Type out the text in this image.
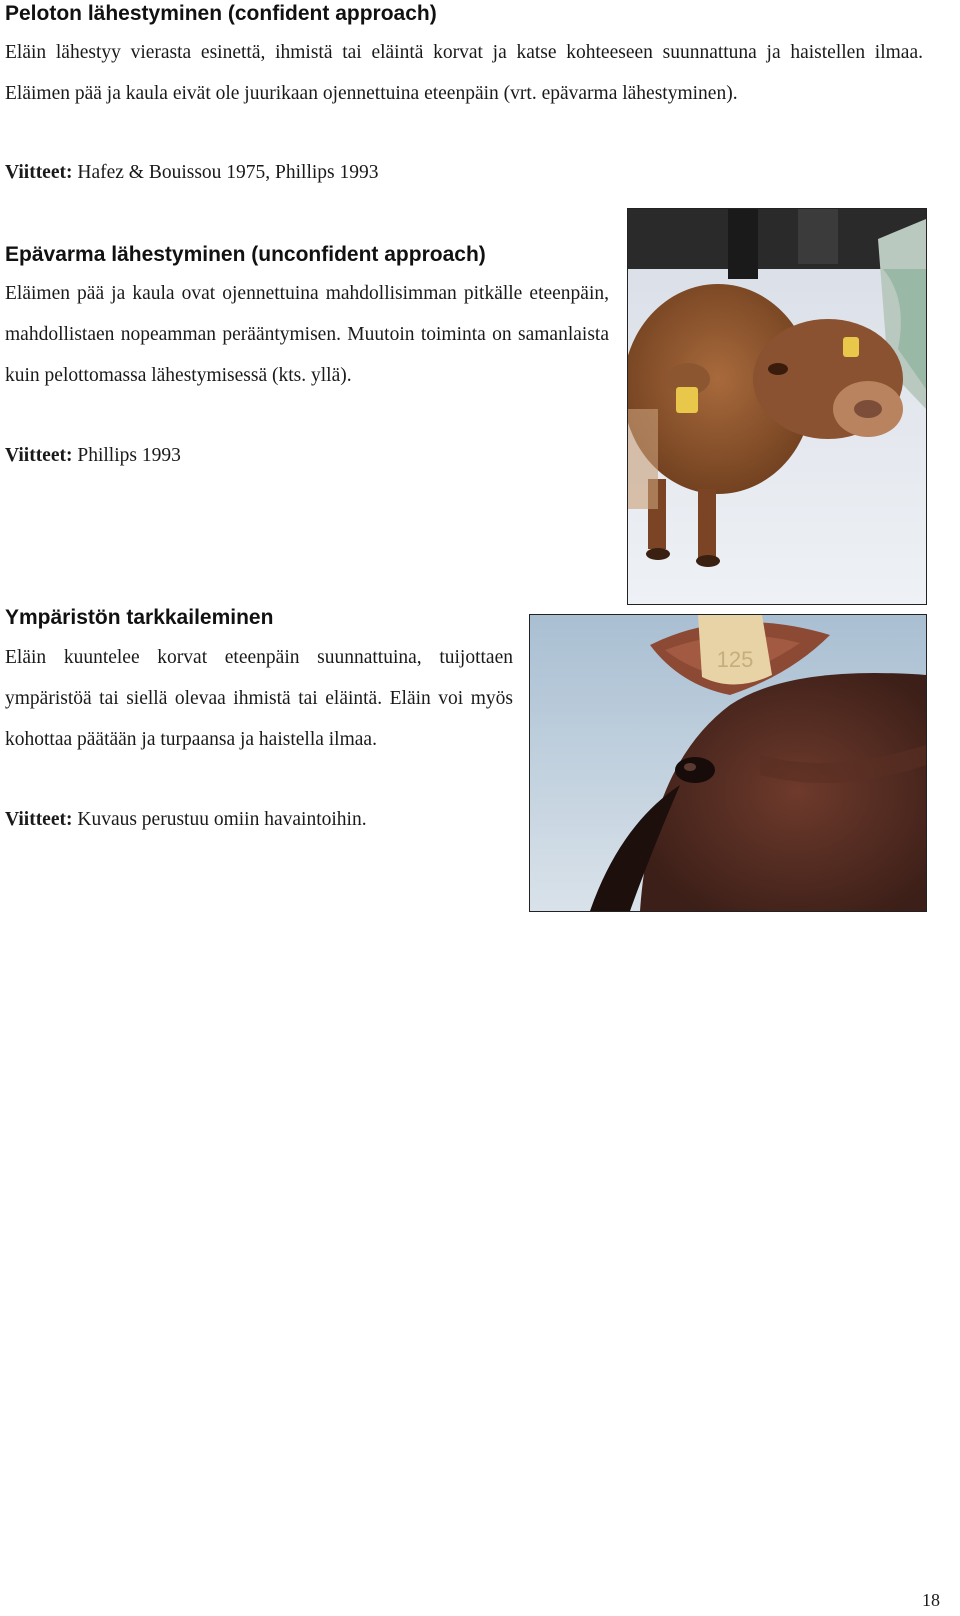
Peloton lähestyminen (confident approach)

Eläin lähestyy vierasta esinettä, ihmistä tai eläintä korvat ja katse kohteeseen suunnattuna ja haistellen ilmaa. Eläimen pää ja kaula eivät ole juurikaan ojennettuina eteenpäin (vrt. epävarma lähestyminen).

Viitteet: Hafez & Bouissou 1975, Phillips 1993

Epävarma lähestyminen (unconfident approach)

Eläimen pää ja kaula ovat ojennettuina mahdollisimman pitkälle eteenpäin, mahdollistaen nopeamman perääntymisen. Muutoin toiminta on samanlaista kuin pelottomassa lähestymisessä (kts. yllä).

Viitteet: Phillips 1993

Ympäristön tarkkaileminen

Eläin kuuntelee korvat eteenpäin suunnattuina, tuijottaen ympäristöä tai siellä olevaa ihmistä tai eläintä. Eläin voi myös kohottaa päätään ja turpaansa ja haistella ilmaa.

Viitteet: Kuvaus perustuu omiin havaintoihin.

125
18
